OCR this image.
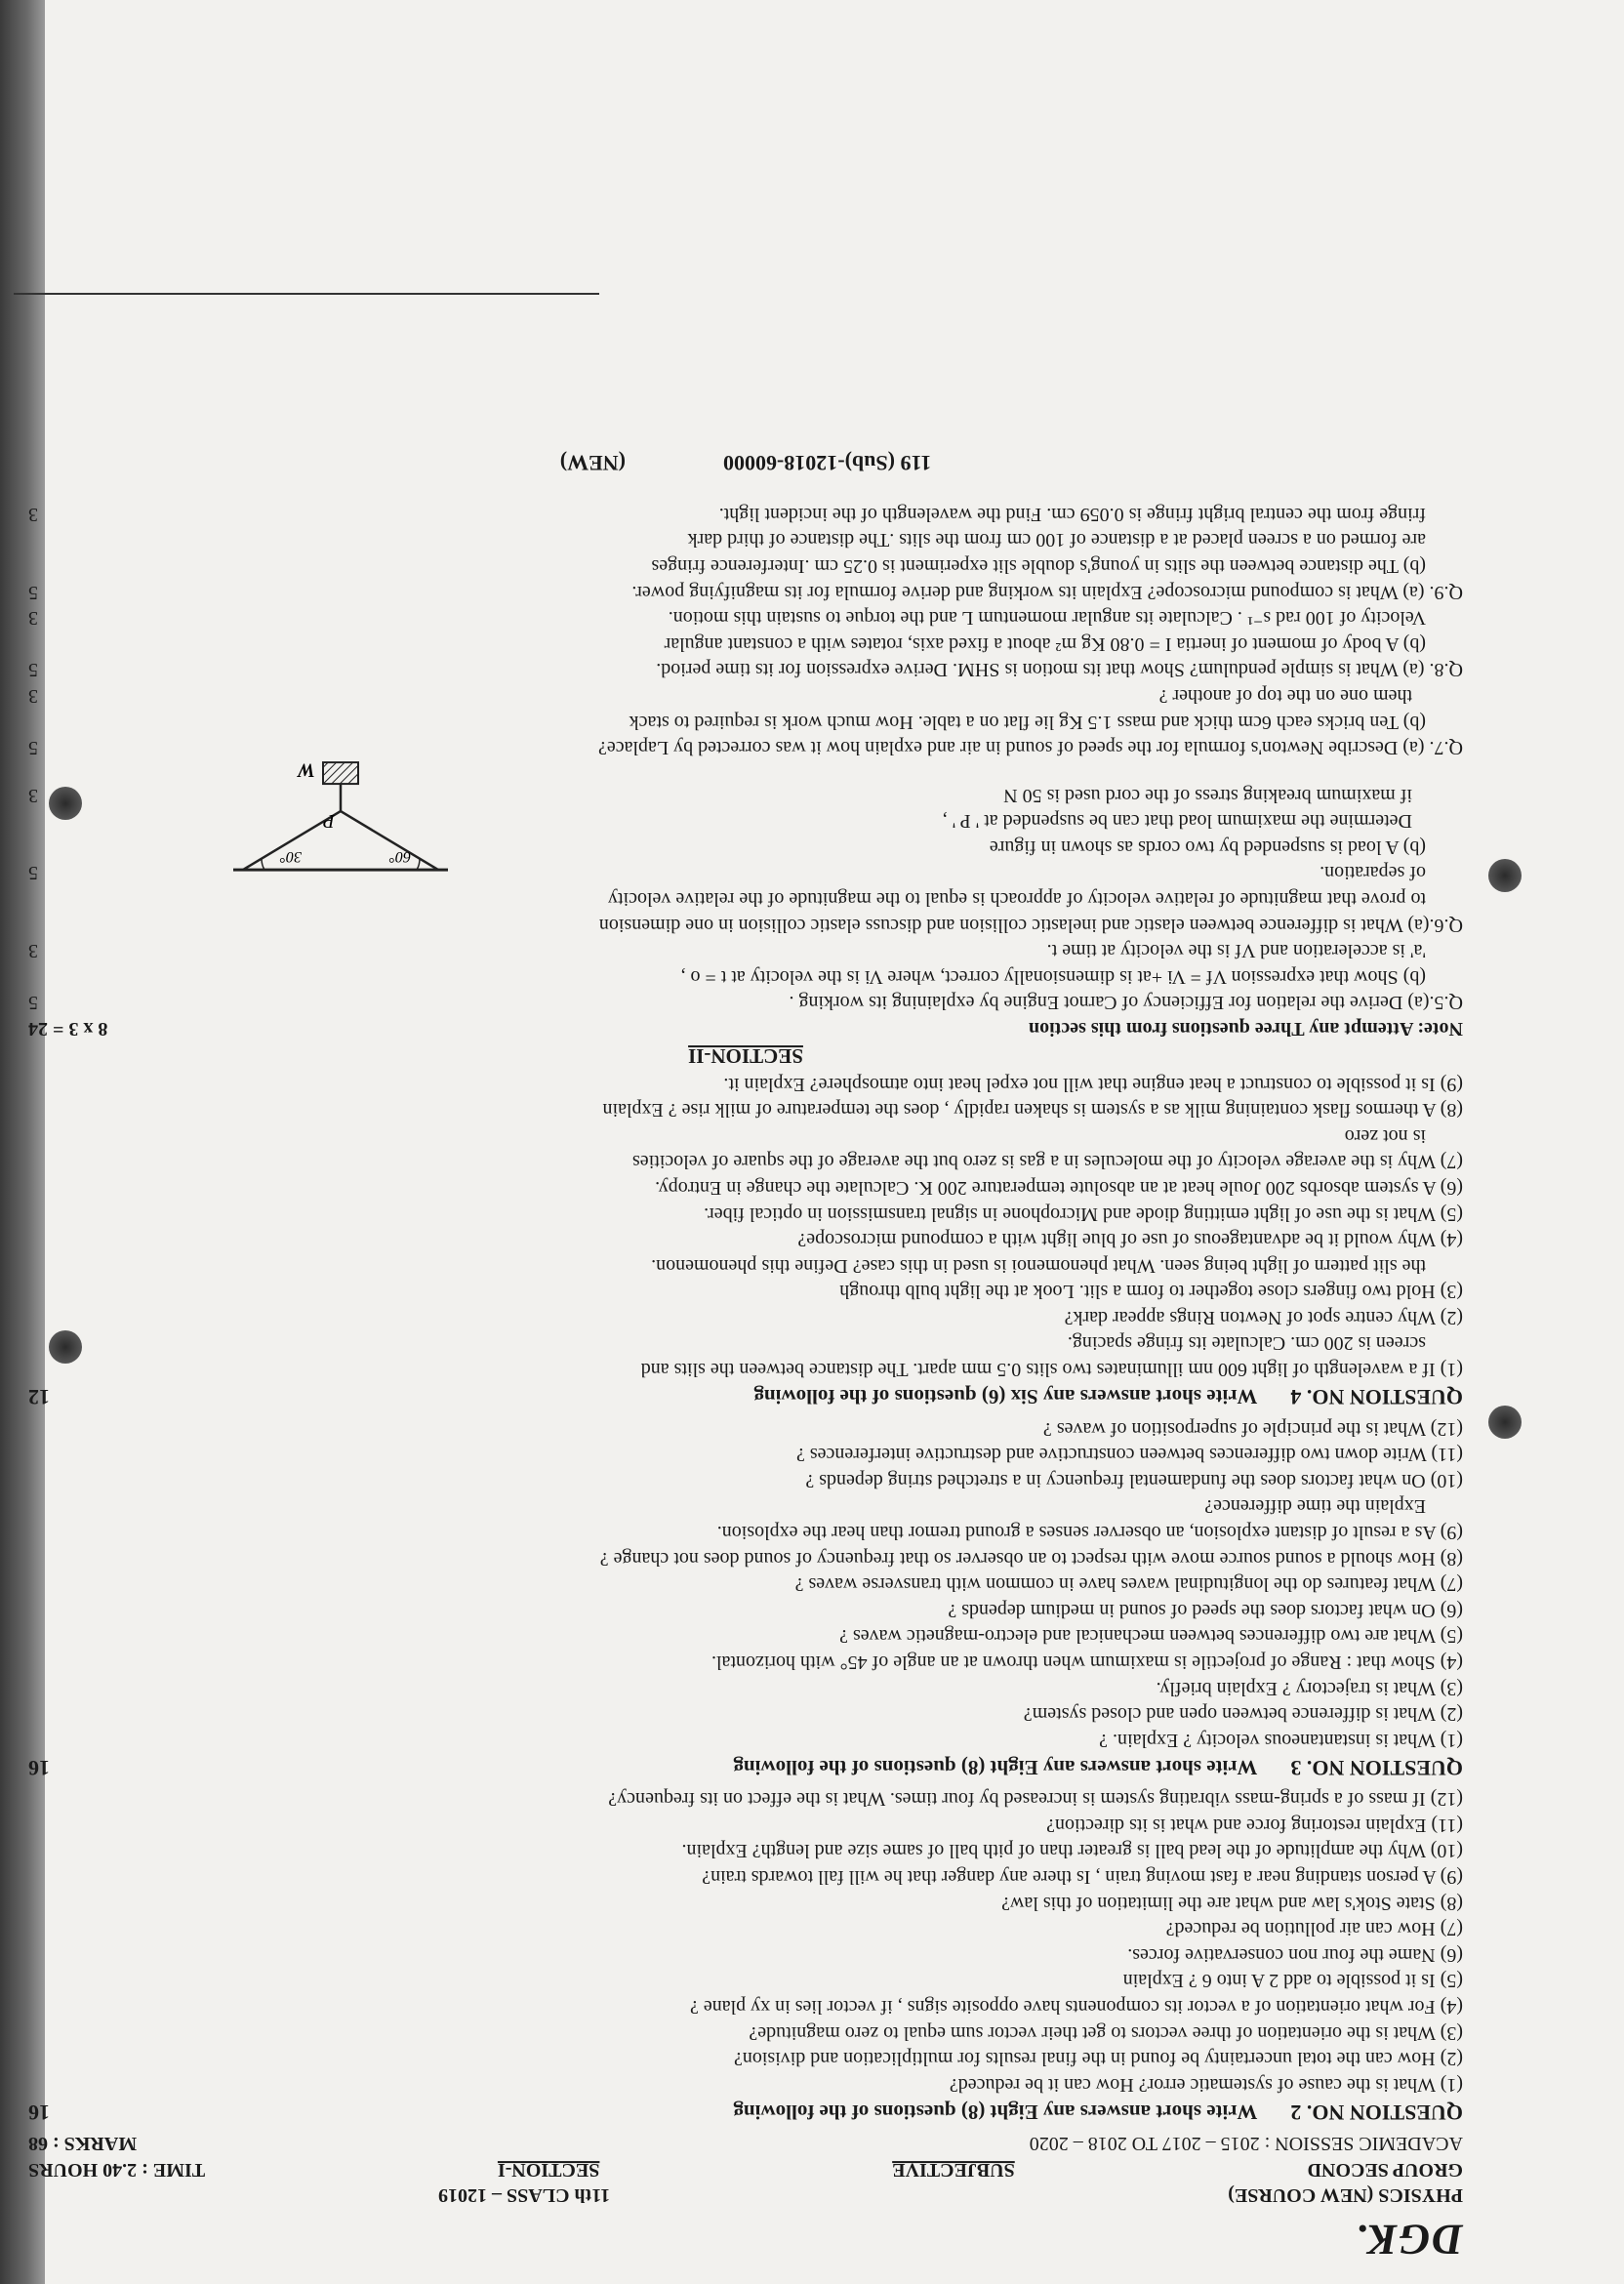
DGK.
PHYSICS (NEW COURSE)
11th CLASS – 12019
GROUP SECOND
SUBJECTIVE
SECTION-I
TIME : 2.40 HOURS
ACADEMIC SESSION : 2015 – 2017 TO 2018 – 2020
MARKS : 68
QUESTION NO. 2Write short answers any Eight (8) questions of the following
16
(1) What is the cause of systematic error? How can it be reduced?
(2) How can the total uncertainty be found in the final results for multiplication and division?
(3) What is the orientation of three vectors to get their vector sum equal to zero magnitude?
(4) For what orientation of a vector its components have opposite signs , if vector lies in xy plane ?
(5) Is it possible to add 2 A into 6 ? Explain
(6) Name the four non conservative forces.
(7) How can air pollution be reduced?
(8) State Stok's law and what are the limitation of this law?
(9) A person standing near a fast moving train , Is there any danger that he will fall towards train?
(10) Why the amplitude of the lead ball is greater than of pith ball of same size and length? Explain.
(11) Explain restoring force and what is its direction?
(12) If mass of a spring-mass vibrating system is increased by four times. What is the effect on its frequency?
QUESTION NO. 3Write short answers any Eight (8) questions of the following
16
(1) What is instantaneous velocity ? Explain. ?
(2) What is difference between open and closed system?
(3) What is trajectory ? Explain briefly.
(4) Show that : Range of projectile is maximum when thrown at an angle of 45° with horizontal.
(5) What are two differences between mechanical and electro-magnetic waves ?
(6) On what factors does the speed of sound in medium depends ?
(7) What features do the longitudinal waves have in common with transverse waves ?
(8) How should a sound source move with respect to an observer so that frequency of sound does not change ?
(9) As a result of distant explosion, an observer senses a ground tremor than hear the explosion.
Explain the time difference?
(10) On what factors does the fundamental frequency in a stretched string depends ?
(11) Write down two differences between constructive and destructive interferences ?
(12) What is the principle of superposition of waves ?
QUESTION NO. 4Write short answers any Six (6) questions of the following
12
(1) If a wavelength of light 600 nm illuminates two slits 0.5 mm apart. The distance between the slits and
screen is 200 cm. Calculate its fringe spacing.
(2) Why centre spot of Newton Rings appear dark?
(3) Hold two fingers close together to form a slit. Look at the light bulb through
the slit pattern of light being seen. What phenomenoi is used in this case? Define this phenomenon.
(4) Why would it be advantageous of use of blue light with a compound microscope?
(5) What is the use of light emitting diode and Microphone in signal transmission in optical fiber.
(6) A system absorbs 200 Joule heat at an absolute temperature 200 K. Calculate the change in Entropy.
(7) Why is the average velocity of the molecules in a gas is zero but the average of the square of velocities
is not zero
(8) A thermos flask containing milk as a system is shaken rapidly , does the temperature of milk rise ? Explain
(9) Is it possible to construct a heat engine that will not expel heat into atmosphere? Explain it.
SECTION-II
Note: Attempt any Three questions from this section
8 x 3 = 24
Q.5.(a) Derive the relation for Efficiency of Carnot Engine by explaining its working .
5
(b) Show that expression Vf = Vi +at is dimensionally correct, where Vi is the velocity at t = o ,
'a' is acceleration and Vf is the velocity at time t.
3
Q.6.(a) What is difference between elastic and inelastic collision and discuss elastic collision in one dimension
to prove that magnitude of relative velocity of approach is equal to the magnitude of the relative velocity
of separation.
5
60°
30°
P
W
(b) A load is suspended by two cords as shown in figure
Determine the maximum load that can be suspended at ' P ' ,
if maximum breaking stress of the cord used is 50 N
3
Q.7. (a) Describe Newton's formula for the speed of sound in air and explain how it was corrected by Laplace?
5
(b) Ten bricks each 6cm thick and mass 1.5 Kg lie flat on a table. How much work is required to stack
them one on the top of another ?
3
Q.8. (a) What is simple pendulum? Show that its motion is SHM. Derive expression for its time period.
5
(b) A body of moment of inertia I = 0.80 Kg m² about a fixed axis, rotates with a constant angular
Velocity of 100 rad s⁻¹ . Calculate its angular momentum L and the torque to sustain this motion.
3
Q.9. (a) What is compound microscope? Explain its working and derive formula for its magnifying power.
5
(b) The distance between the slits in young's double slit experiment is 0.25 cm .Interference fringes
are formed on a screen placed at a distance of 100 cm from the slits .The distance of third dark
fringe from the central bright fringe is 0.059 cm. Find the wavelength of the incident light.
3
119 (Sub)-12018-60000
(NEW)
